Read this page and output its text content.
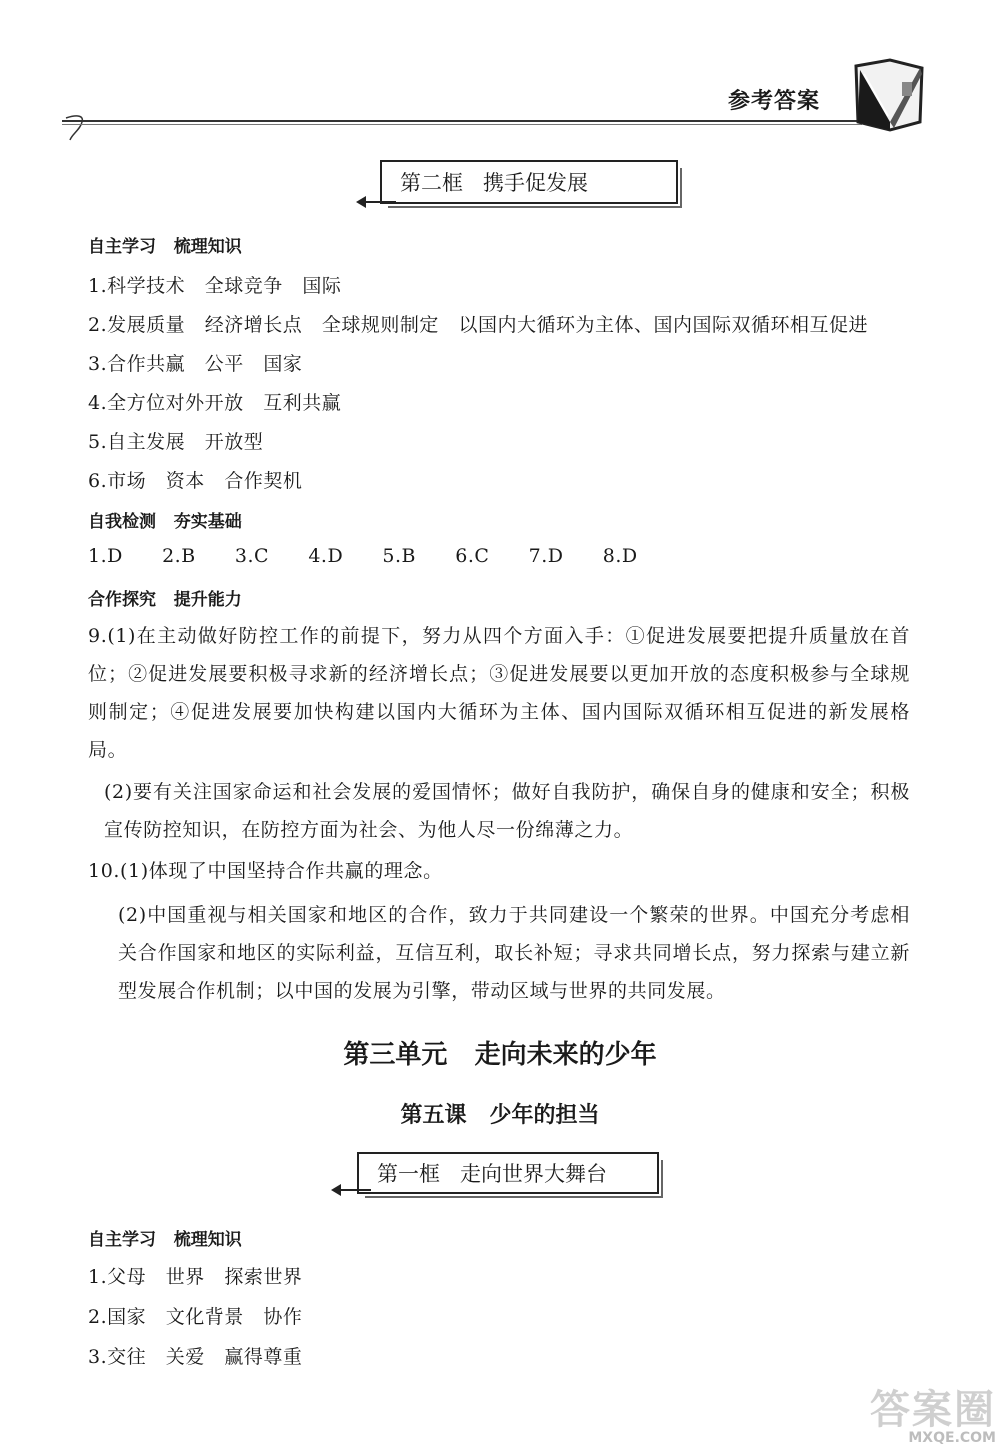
参考答案
第二框   携手促发展
自主学习   梳理知识
1.科学技术   全球竞争   国际
2.发展质量   经济增长点   全球规则制定   以国内大循环为主体、国内国际双循环相互促进
3.合作共赢   公平   国家
4.全方位对外开放   互利共赢
5.自主发展   开放型
6.市场   资本   合作契机
自我检测   夯实基础
1.D      2.B      3.C      4.D      5.B      6.C      7.D      8.D
合作探究   提升能力
9.(1)在主动做好防控工作的前提下，努力从四个方面入手：①促进发展要把提升质量放在首位；②促进发展要积极寻求新的经济增长点；③促进发展要以更加开放的态度积极参与全球规则制定；④促进发展要加快构建以国内大循环为主体、国内国际双循环相互促进的新发展格局。
(2)要有关注国家命运和社会发展的爱国情怀；做好自我防护，确保自身的健康和安全；积极宣传防控知识，在防控方面为社会、为他人尽一份绵薄之力。
10.(1)体现了中国坚持合作共赢的理念。
(2)中国重视与相关国家和地区的合作，致力于共同建设一个繁荣的世界。中国充分考虑相关合作国家和地区的实际利益，互信互利，取长补短；寻求共同增长点，努力探索与建立新型发展合作机制；以中国的发展为引擎，带动区域与世界的共同发展。
第三单元   走向未来的少年
第五课   少年的担当
第一框   走向世界大舞台
自主学习   梳理知识
1.父母   世界   探索世界
2.国家   文化背景   协作
3.交往   关爱   赢得尊重
答案圈
MXQE.COM
